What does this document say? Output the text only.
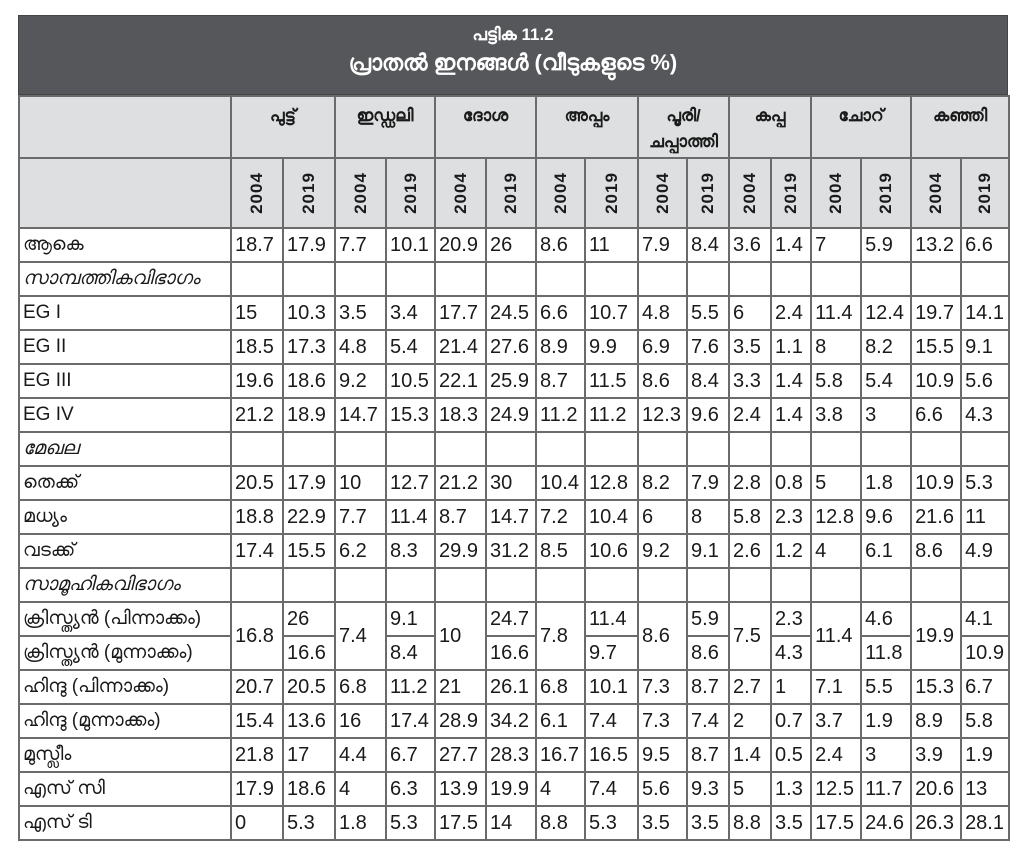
പട്ടിക 11.2
പ്രാതൽ ഇനങ്ങൾ (വീടുകളുടെ %)
	പുട്ട്		ഇഡ്ഡലി		ദോശ		അപ്പം		പൂരി/ ചപ്പാത്തി		കപ്പ		ചോറ്		കഞ്ഞി	

	2004	2019	2004	2019	2004	2019	2004	2019	2004	2019	2004	2019	2004	2019	2004	2019

ആകെ	18.7	17.9	7.7	10.1	20.9	26	8.6	11	7.9	8.4	3.6	1.4	7	5.9	13.2	6.6
സാമ്പത്തികവിഭാഗം																
EG I	15	10.3	3.5	3.4	17.7	24.5	6.6	10.7	4.8	5.5	6	2.4	11.4	12.4	19.7	14.1
EG II	18.5	17.3	4.8	5.4	21.4	27.6	8.9	9.9	6.9	7.6	3.5	1.1	8	8.2	15.5	9.1
EG III	19.6	18.6	9.2	10.5	22.1	25.9	8.7	11.5	8.6	8.4	3.3	1.4	5.8	5.4	10.9	5.6
EG IV	21.2	18.9	14.7	15.3	18.3	24.9	11.2	11.2	12.3	9.6	2.4	1.4	3.8	3	6.6	4.3
മേഖല																
തെക്ക്	20.5	17.9	10	12.7	21.2	30	10.4	12.8	8.2	7.9	2.8	0.8	5	1.8	10.9	5.3
മധ്യം	18.8	22.9	7.7	11.4	8.7	14.7	7.2	10.4	6	8	5.8	2.3	12.8	9.6	21.6	11
വടക്ക്	17.4	15.5	6.2	8.3	29.9	31.2	8.5	10.6	9.2	9.1	2.6	1.2	4	6.1	8.6	4.9
സാമൂഹികവിഭാഗം																
ക്രിസ്ത്യൻ (പിന്നാക്കം)	16.8	26	7.4	9.1	10	24.7	7.8	11.4	8.6	5.9	7.5	2.3	11.4	4.6	19.9	4.1
ക്രിസ്ത്യൻ (മുന്നാക്കം)		16.6		8.4		16.6		9.7		8.6		4.3		11.8		10.9
ഹിന്ദു (പിന്നാക്കം)	20.7	20.5	6.8	11.2	21	26.1	6.8	10.1	7.3	8.7	2.7	1	7.1	5.5	15.3	6.7
ഹിന്ദു (മുന്നാക്കം)	15.4	13.6	16	17.4	28.9	34.2	6.1	7.4	7.3	7.4	2	0.7	3.7	1.9	8.9	5.8
മുസ്ലീം	21.8	17	4.4	6.7	27.7	28.3	16.7	16.5	9.5	8.7	1.4	0.5	2.4	3	3.9	1.9
എസ് സി	17.9	18.6	4	6.3	13.9	19.9	4	7.4	5.6	9.3	5	1.3	12.5	11.7	20.6	13
എസ് ടി	0	5.3	1.8	5.3	17.5	14	8.8	5.3	3.5	3.5	8.8	3.5	17.5	24.6	26.3	28.1
